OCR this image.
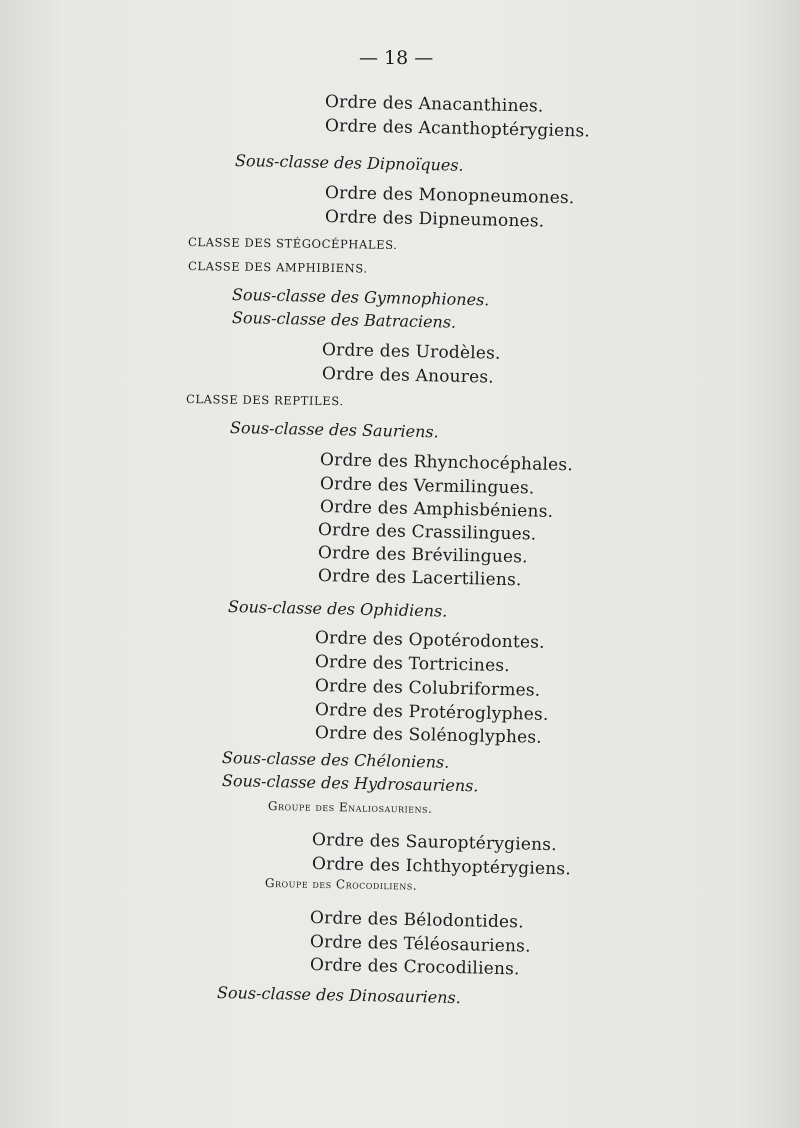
— 18 —
Ordre des Anacanthines.
Ordre des Acanthoptérygiens.
Sous-classe des Dipnoïques.
Ordre des Monopneumones.
Ordre des Dipneumones.
CLASSE DES STÉGOCÉPHALES.
CLASSE DES AMPHIBIENS.
Sous-classe des Gymnophiones.
Sous-classe des Batraciens.
Ordre des Urodèles.
Ordre des Anoures.
CLASSE DES REPTILES.
Sous-classe des Sauriens.
Ordre des Rhynchocéphales.
Ordre des Vermilingues.
Ordre des Amphisbéniens.
Ordre des Crassilingues.
Ordre des Brévilingues.
Ordre des Lacertiliens.
Sous-classe des Ophidiens.
Ordre des Opotérodontes.
Ordre des Tortricines.
Ordre des Colubriformes.
Ordre des Protéroglyphes.
Ordre des Solénoglyphes.
Sous-classe des Chéloniens.
Sous-classe des Hydrosauriens.
Groupe des Enaliosauriens.
Ordre des Sauroptérygiens.
Ordre des Ichthyoptérygiens.
Groupe des Crocodiliens.
Ordre des Bélodontides.
Ordre des Téléosauriens.
Ordre des Crocodiliens.
Sous-classe des Dinosauriens.
